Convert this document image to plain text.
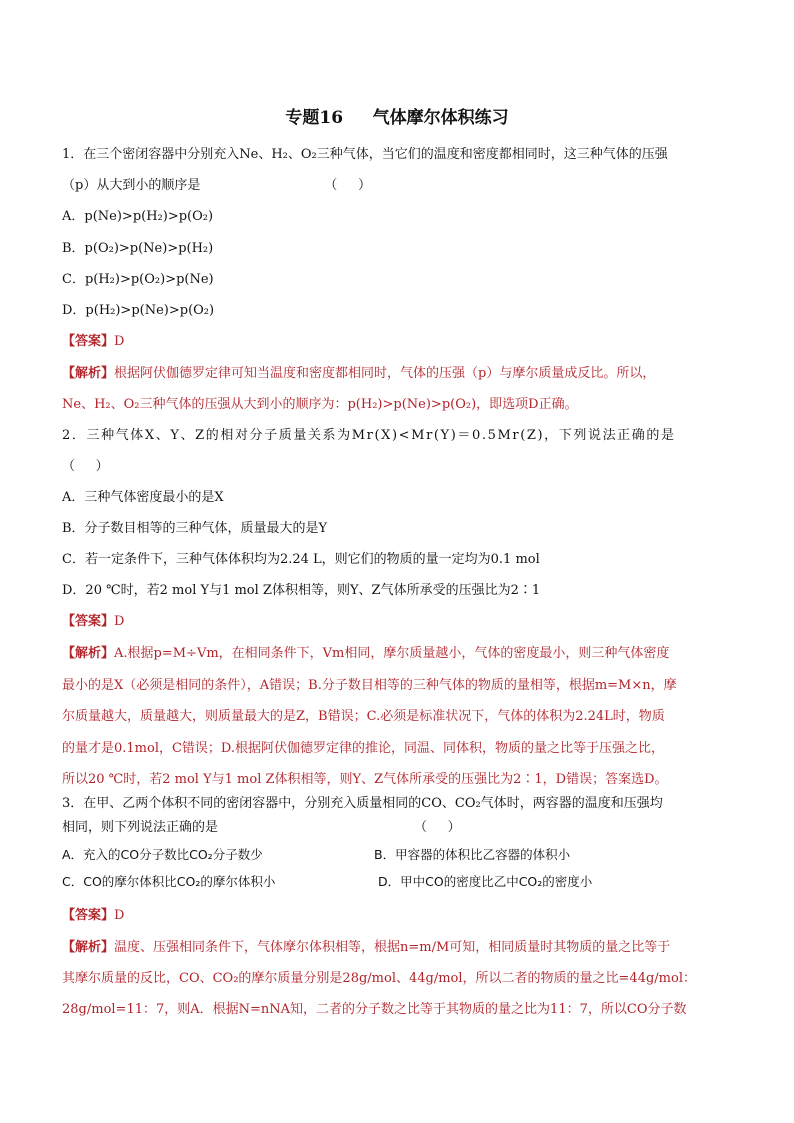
专题16     气体摩尔体积练习
1．在三个密闭容器中分别充入Ne、H₂、O₂三种气体，当它们的温度和密度都相同时，这三种气体的压强
（p）从大到小的顺序是                              （     ）
A．p(Ne)>p(H₂)>p(O₂)
B．p(O₂)>p(Ne)>p(H₂)
C．p(H₂)>p(O₂)>p(Ne)
D．p(H₂)>p(Ne)>p(O₂)
【答案】D
【解析】根据阿伏伽德罗定律可知当温度和密度都相同时，气体的压强（p）与摩尔质量成反比。所以，
Ne、H₂、O₂三种气体的压强从大到小的顺序为：p(H₂)>p(Ne)>p(O₂)，即选项D正确。
2．三种气体X、Y、Z的相对分子质量关系为Mr(X)<Mr(Y)＝0.5Mr(Z)，下列说法正确的是
（     ）
A．三种气体密度最小的是X
B．分子数目相等的三种气体，质量最大的是Y
C．若一定条件下，三种气体体积均为2.24 L，则它们的物质的量一定均为0.1 mol
D．20 ℃时，若2 mol Y与1 mol Z体积相等，则Y、Z气体所承受的压强比为2∶1
【答案】D
【解析】A.根据p=M÷Vm，在相同条件下，Vm相同，摩尔质量越小，气体的密度最小，则三种气体密度
最小的是X（必须是相同的条件），A错误；B.分子数目相等的三种气体的物质的量相等，根据m=M×n，摩
尔质量越大，质量越大，则质量最大的是Z，B错误；C.必须是标准状况下，气体的体积为2.24L时，物质
的量才是0.1mol，C错误；D.根据阿伏伽德罗定律的推论，同温、同体积，物质的量之比等于压强之比，
所以20 ℃时，若2 mol Y与1 mol Z体积相等，则Y、Z气体所承受的压强比为2∶1，D错误；答案选D。
3．在甲、乙两个体积不同的密闭容器中，分别充入质量相同的CO、CO₂气体时，两容器的温度和压强均
相同，则下列说法正确的是	（     ）
A．充入的CO分子数比CO₂分子数少	B．甲容器的体积比乙容器的体积小
C．CO的摩尔体积比CO₂的摩尔体积小	D．甲中CO的密度比乙中CO₂的密度小
【答案】D
【解析】温度、压强相同条件下，气体摩尔体积相等，根据n=m/M可知，相同质量时其物质的量之比等于
其摩尔质量的反比，CO、CO₂的摩尔质量分别是28g/mol、44g/mol，所以二者的物质的量之比=44g/mol：
28g/mol=11：7，则A．根据N=nNA知，二者的分子数之比等于其物质的量之比为11：7，所以CO分子数
